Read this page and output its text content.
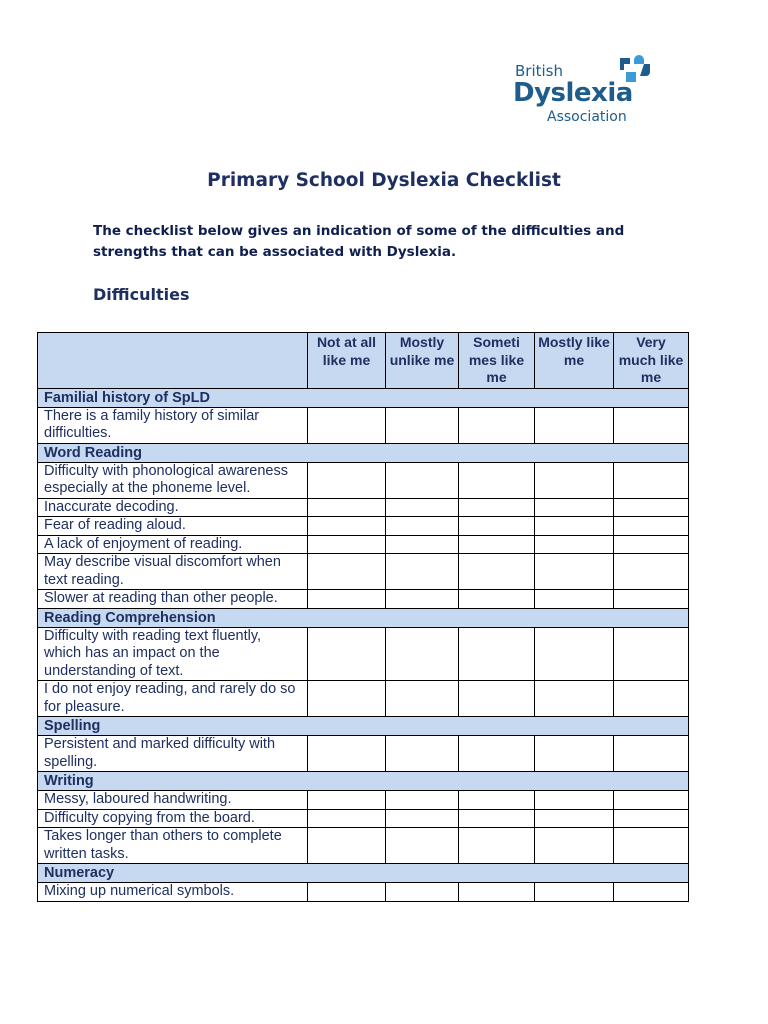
British
Dyslexia
Association
Primary School Dyslexia Checklist
The checklist below gives an indication of some of the difficulties and strengths that can be associated with Dyslexia.
Difficulties
	Not at all like me	Mostly unlike me	Someti mes like me	Mostly like me	Very much like me
Familial history of SpLD					
There is a family history of similar difficulties.					
Word Reading					
Difficulty with phonological awareness especially at the phoneme level.					
Inaccurate decoding.					
Fear of reading aloud.					
A lack of enjoyment of reading.					
May describe visual discomfort when text reading.					
Slower at reading than other people.					
Reading Comprehension					
Difficulty with reading text fluently, which has an impact on the understanding of text.					
I do not enjoy reading, and rarely do so for pleasure.					
Spelling					
Persistent and marked difficulty with spelling.					
Writing					
Messy, laboured handwriting.					
Difficulty copying from the board.					
Takes longer than others to complete written tasks.					
Numeracy					
Mixing up numerical symbols.					
